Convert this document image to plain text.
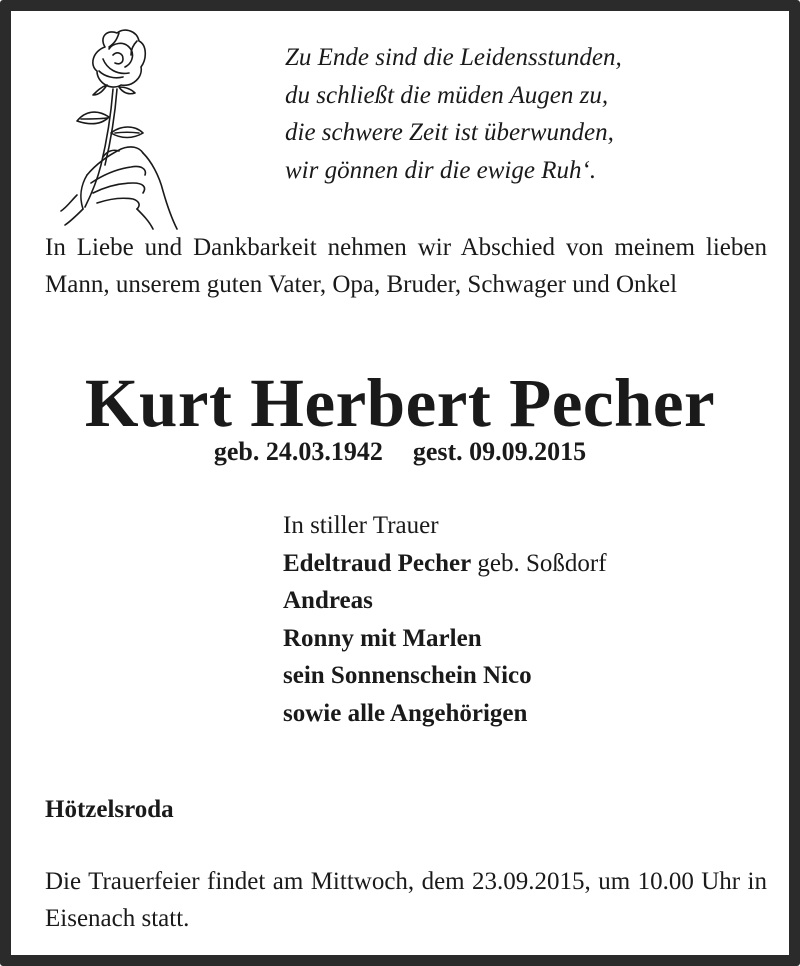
Zu Ende sind die Leidensstunden,
du schließt die müden Augen zu,
die schwere Zeit ist überwunden,
wir gönnen dir die ewige Ruh‘.
In Liebe und Dankbarkeit nehmen wir Abschied von meinem lieben Mann, unserem guten Vater, Opa, Bruder, Schwager und Onkel
Kurt Herbert Pecher
geb. 24.03.1942 gest. 09.09.2015
In stiller Trauer
Edeltraud Pecher geb. Soßdorf
Andreas
Ronny mit Marlen
sein Sonnenschein Nico
sowie alle Angehörigen
Hötzelsroda
Die Trauerfeier findet am Mittwoch, dem 23.09.2015, um 10.00 Uhr in Eisenach statt.
